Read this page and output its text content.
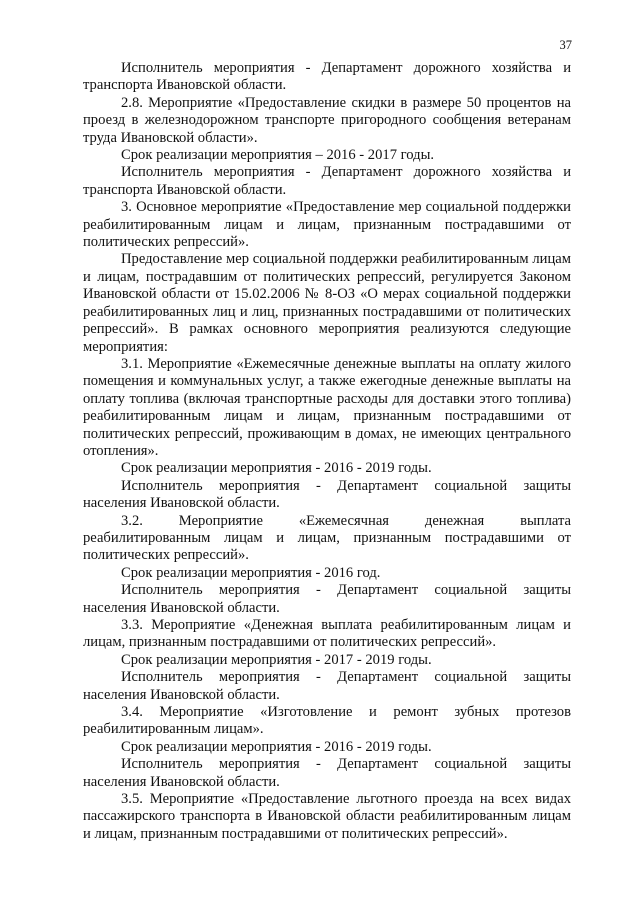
37

Исполнитель мероприятия - Департамент дорожного хозяйства и транспорта Ивановской области.

2.8. Мероприятие «Предоставление скидки в размере 50 процентов на проезд в железнодорожном транспорте пригородного сообщения ветеранам труда Ивановской области».

Срок реализации мероприятия – 2016 - 2017 годы.

Исполнитель мероприятия - Департамент дорожного хозяйства и транспорта Ивановской области.

3. Основное мероприятие «Предоставление мер социальной поддержки реабилитированным лицам и лицам, признанным пострадавшими от политических репрессий».

Предоставление мер социальной поддержки реабилитированным лицам и лицам, пострадавшим от политических репрессий, регулируется Законом Ивановской области от 15.02.2006 № 8-ОЗ «О мерах социальной поддержки реабилитированных лиц и лиц, признанных пострадавшими от политических репрессий». В рамках основного мероприятия реализуются следующие мероприятия:

3.1. Мероприятие «Ежемесячные денежные выплаты на оплату жилого помещения и коммунальных услуг, а также ежегодные денежные выплаты на оплату топлива (включая транспортные расходы для доставки этого топлива) реабилитированным лицам и лицам, признанным пострадавшими от политических репрессий, проживающим в домах, не имеющих центрального отопления».

Срок реализации мероприятия - 2016 - 2019 годы.

Исполнитель мероприятия - Департамент социальной защиты населения Ивановской области.

3.2. Мероприятие «Ежемесячная денежная выплата реабилитированным лицам и лицам, признанным пострадавшими от политических репрессий».

Срок реализации мероприятия - 2016 год.

Исполнитель мероприятия - Департамент социальной защиты населения Ивановской области.

3.3. Мероприятие «Денежная выплата реабилитированным лицам и лицам, признанным пострадавшими от политических репрессий».

Срок реализации мероприятия - 2017 - 2019 годы.

Исполнитель мероприятия - Департамент социальной защиты населения Ивановской области.

3.4. Мероприятие «Изготовление и ремонт зубных протезов реабилитированным лицам».

Срок реализации мероприятия - 2016 - 2019 годы.

Исполнитель мероприятия - Департамент социальной защиты населения Ивановской области.

3.5. Мероприятие «Предоставление льготного проезда на всех видах пассажирского транспорта в Ивановской области реабилитированным лицам и лицам, признанным пострадавшими от политических репрессий».
